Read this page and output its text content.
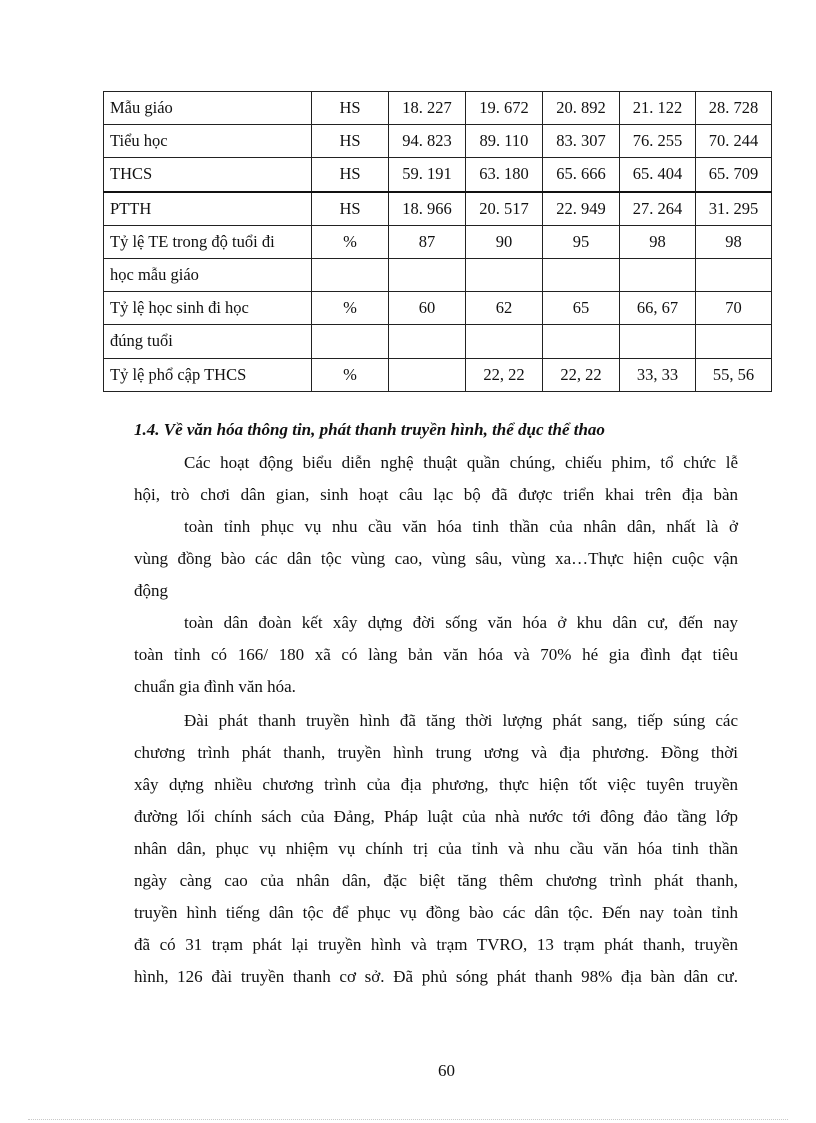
Mẫu giáo	HS	18. 227	19. 672	20. 892	21. 122	28. 728
Tiểu học	HS	94. 823	89. 110	83. 307	76. 255	70. 244
THCS	HS	59. 191	63. 180	65. 666	65. 404	65. 709
PTTH	HS	18. 966	20. 517	22. 949	27. 264	31. 295
Tỷ lệ TE trong độ tuổi đi	%	87	90	95	98	98
học mẫu giáo						
Tỷ lệ học sinh đi học	%	60	62	65	66, 67	70
đúng tuổi						
Tỷ lệ phổ cập THCS	%		22, 22	22, 22	33, 33	55, 56
1.4. Về văn hóa thông tin, phát thanh truyền hình, thể dục thể thao
Các hoạt động biểu diễn nghệ thuật quần chúng, chiếu phim, tổ chức lễ
hội, trò chơi dân gian, sinh hoạt câu lạc bộ đã được triển khai trên địa bàn
toàn tỉnh phục vụ nhu cầu văn hóa tinh thần của nhân dân, nhất là ở
vùng đồng bào các dân tộc vùng cao, vùng sâu, vùng xa…Thực hiện cuộc vận
động
toàn dân đoàn kết xây dựng đời sống văn hóa ở khu dân cư, đến nay
toàn tỉnh có 166/ 180 xã có làng bản văn hóa và 70% hé gia đình đạt tiêu
chuẩn gia đình văn hóa.
Đài phát thanh truyền hình đã tăng thời lượng phát sang, tiếp súng các
chương trình phát thanh, truyền hình trung ương và địa phương. Đồng thời
xây dựng nhiều chương trình của địa phương, thực hiện tốt việc tuyên truyền
đường lối chính sách của Đảng, Pháp luật của nhà nước tới đông đảo tầng lớp
nhân dân, phục vụ nhiệm vụ chính trị của tỉnh và nhu cầu văn hóa tinh thần
ngày càng cao của nhân dân, đặc biệt tăng thêm chương trình phát thanh,
truyền hình tiếng dân tộc để phục vụ đồng bào các dân tộc. Đến nay toàn tỉnh
đã có 31 trạm phát lại truyền hình và trạm TVRO, 13 trạm phát thanh, truyền
hình, 126 đài truyền thanh cơ sở. Đã phủ sóng phát thanh 98% địa bàn dân cư.
60
